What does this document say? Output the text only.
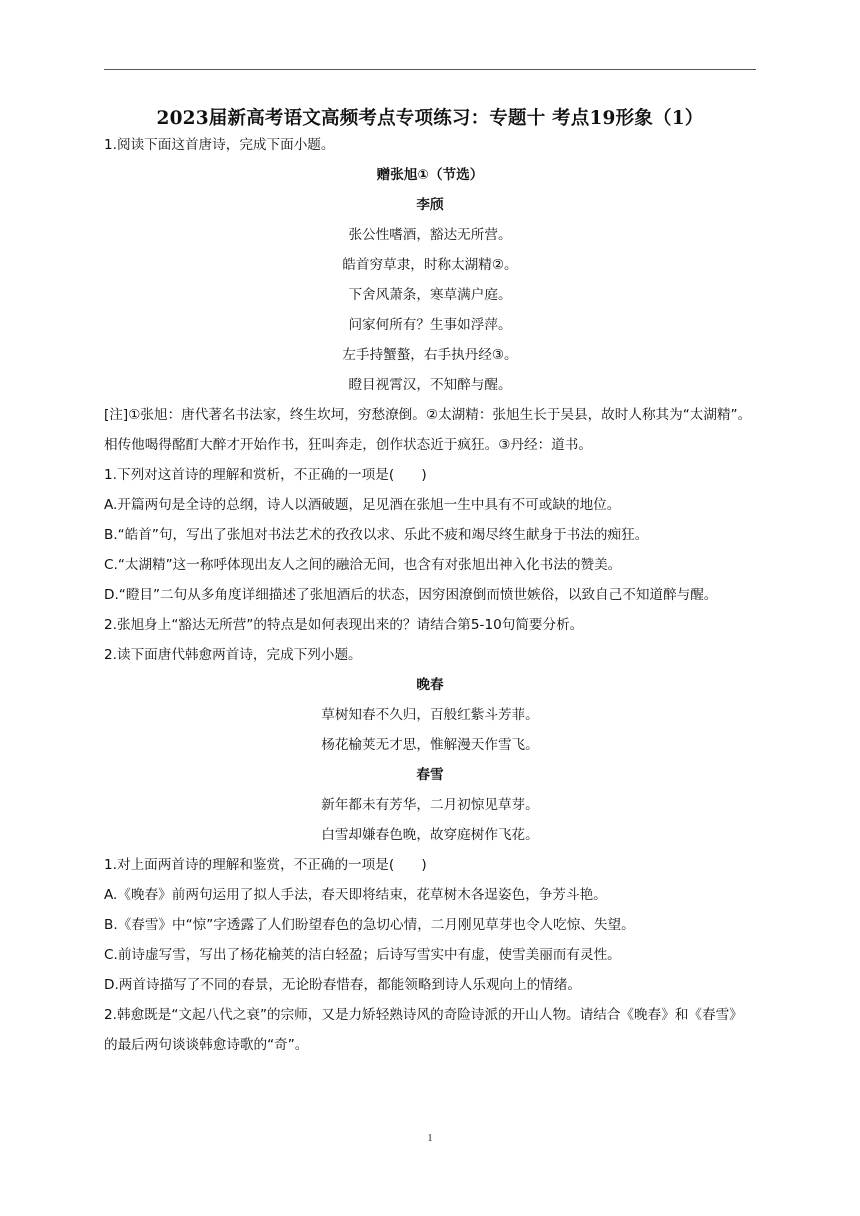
2023届新高考语文高频考点专项练习：专题十 考点19形象（1）

1.阅读下面这首唐诗，完成下面小题。

赠张旭①（节选）

李颀

张公性嗜酒，豁达无所营。

皓首穷草隶，时称太湖精②。

下舍风萧条，寒草满户庭。

问家何所有？生事如浮萍。

左手持蟹螯，右手执丹经③。

瞪目视霄汉，不知醉与醒。

[注]①张旭：唐代著名书法家，终生坎坷，穷愁潦倒。②太湖精：张旭生长于吴县，故时人称其为“太湖精”。相传他喝得酩酊大醉才开始作书，狂叫奔走，创作状态近于疯狂。③丹经：道书。

1.下列对这首诗的理解和赏析，不正确的一项是(　　)

A.开篇两句是全诗的总纲，诗人以酒破题，足见酒在张旭一生中具有不可或缺的地位。

B.“皓首”句，写出了张旭对书法艺术的孜孜以求、乐此不疲和竭尽终生献身于书法的痴狂。

C.“太湖精”这一称呼体现出友人之间的融洽无间，也含有对张旭出神入化书法的赞美。

D.“瞪目”二句从多角度详细描述了张旭酒后的状态，因穷困潦倒而愤世嫉俗，以致自己不知道醉与醒。

2.张旭身上“豁达无所营”的特点是如何表现出来的？请结合第5-10句简要分析。

2.读下面唐代韩愈两首诗，完成下列小题。

晚春

草树知春不久归，百般红紫斗芳菲。

杨花榆荚无才思，惟解漫天作雪飞。

春雪

新年都未有芳华，二月初惊见草芽。

白雪却嫌春色晚，故穿庭树作飞花。

1.对上面两首诗的理解和鉴赏，不正确的一项是(　　)

A.《晚春》前两句运用了拟人手法，春天即将结束，花草树木各逞姿色，争芳斗艳。

B.《春雪》中“惊”字透露了人们盼望春色的急切心情，二月刚见草芽也令人吃惊、失望。

C.前诗虚写雪，写出了杨花榆荚的洁白轻盈；后诗写雪实中有虚，使雪美丽而有灵性。

D.两首诗描写了不同的春景，无论盼春惜春，都能领略到诗人乐观向上的情绪。

2.韩愈既是“文起八代之衰”的宗师，又是力矫轻熟诗风的奇险诗派的开山人物。请结合《晚春》和《春雪》的最后两句谈谈韩愈诗歌的“奇”。

1
